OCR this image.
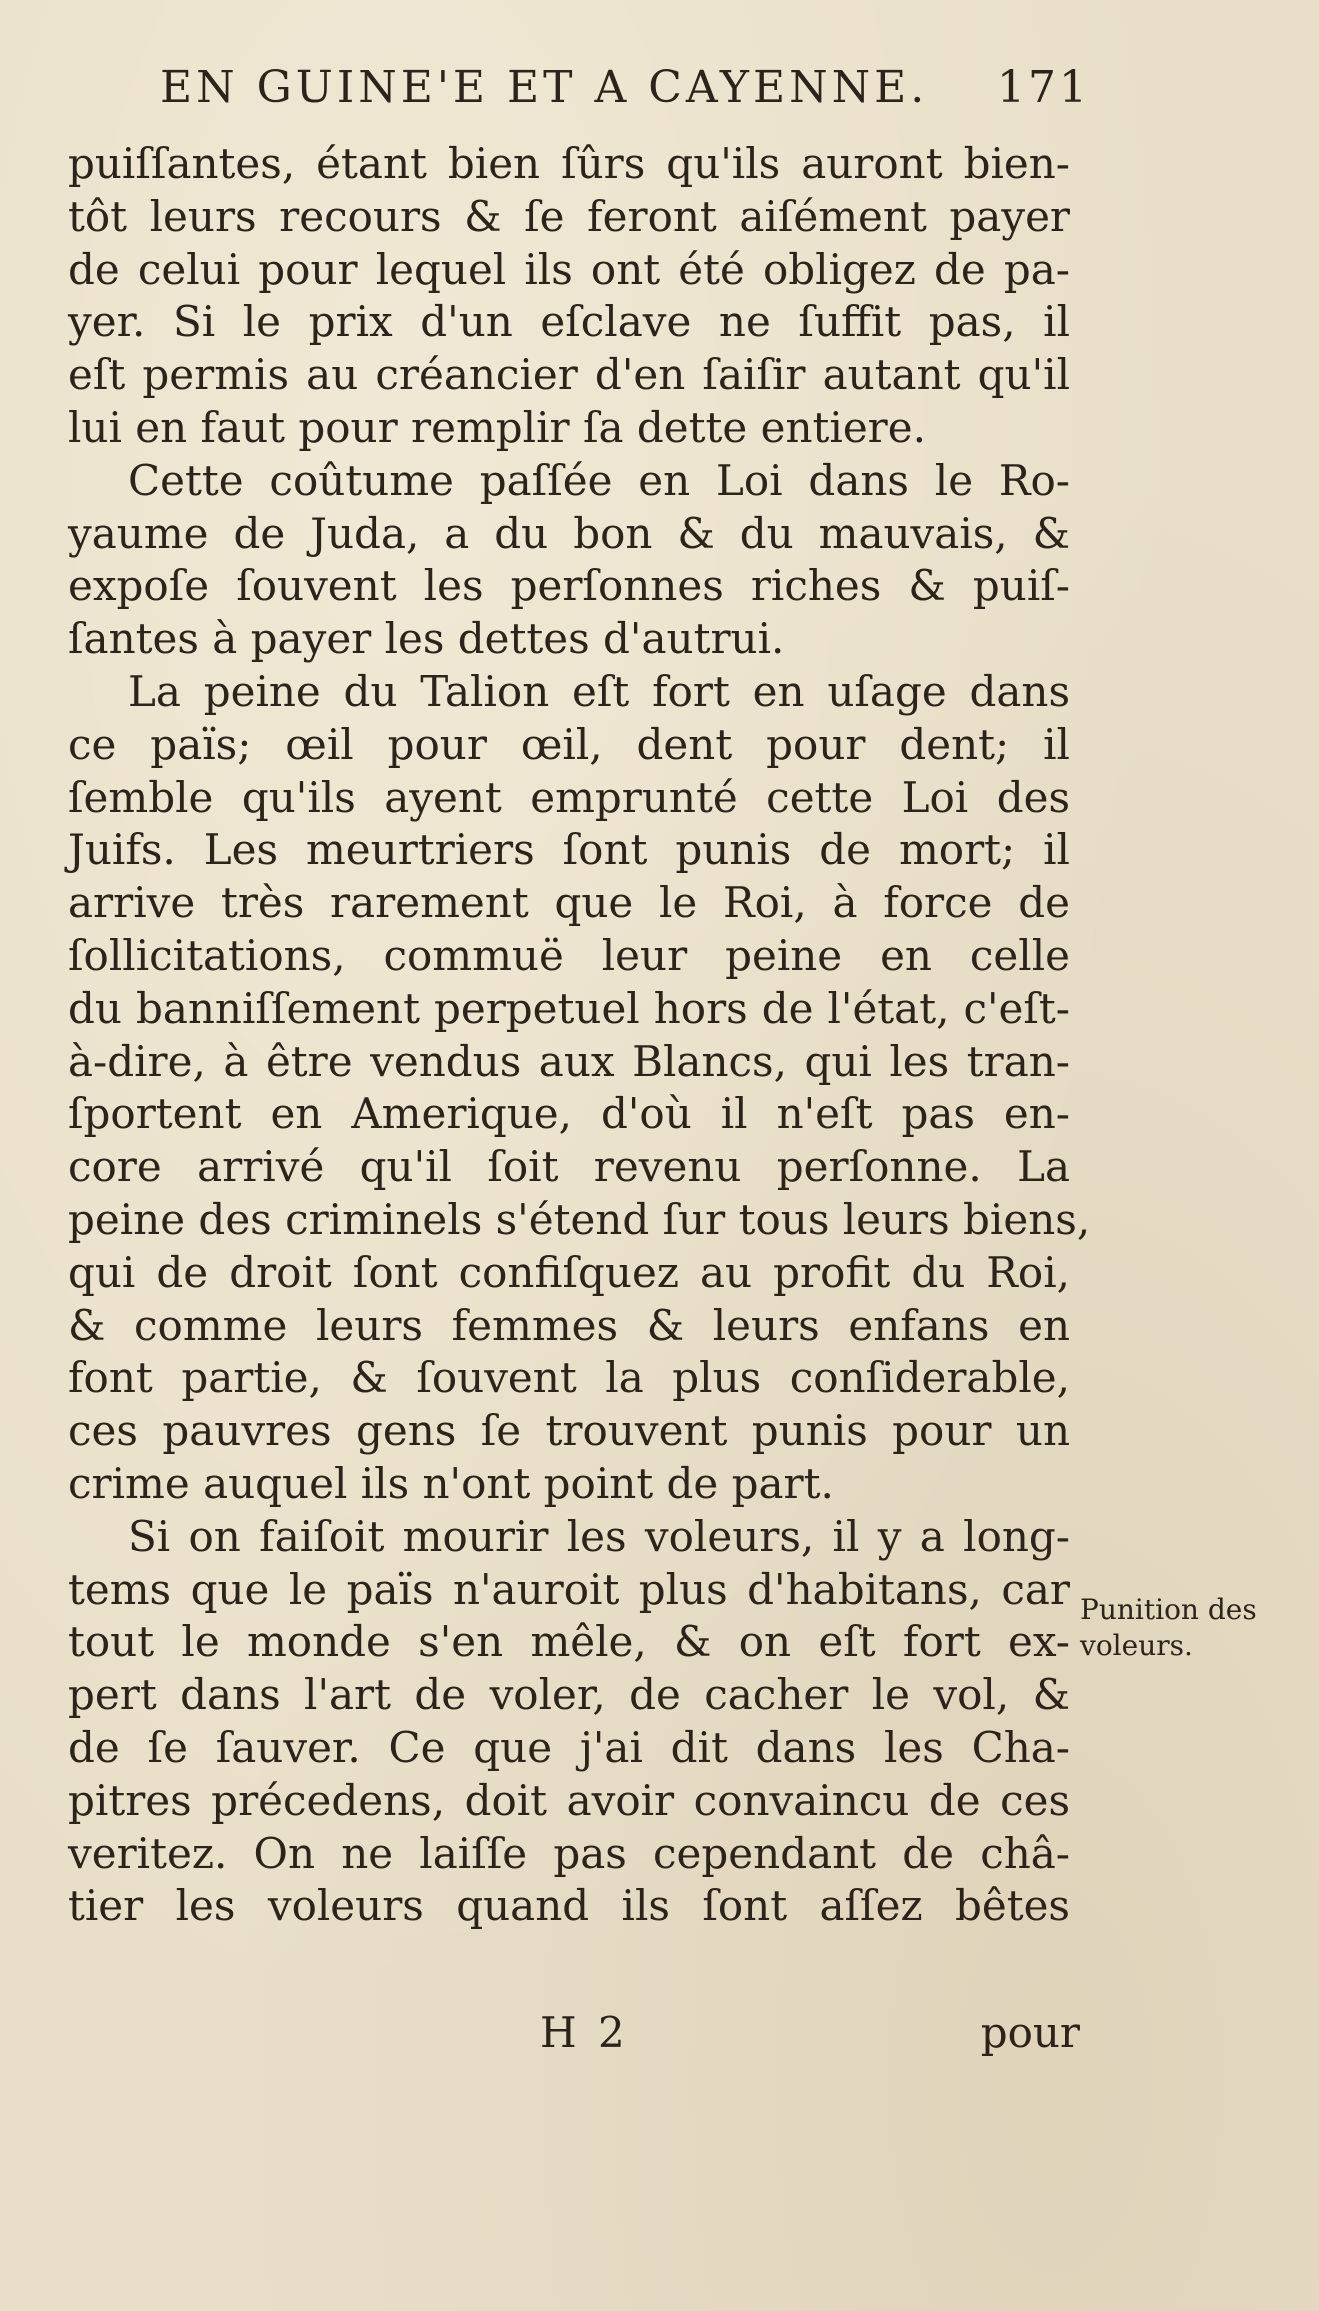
EN GUINE'E ET A CAYENNE. 171
puiſſantes, étant bien ſûrs qu'ils auront bien-
tôt leurs recours & ſe feront aiſément payer
de celui pour lequel ils ont été obligez de pa-
yer. Si le prix d'un eſclave ne ſuffit pas, il
eſt permis au créancier d'en ſaiſir autant qu'il
lui en faut pour remplir ſa dette entiere.
Cette coûtume paſſée en Loi dans le Ro-
yaume de Juda, a du bon & du mauvais, &
expoſe ſouvent les perſonnes riches & puiſ-
ſantes à payer les dettes d'autrui.
La peine du Talion eſt fort en uſage dans
ce païs; œil pour œil, dent pour dent; il
ſemble qu'ils ayent emprunté cette Loi des
Juifs. Les meurtriers ſont punis de mort; il
arrive très rarement que le Roi, à force de
ſollicitations, commuë leur peine en celle
du banniſſement perpetuel hors de l'état, c'eſt-
à-dire, à être vendus aux Blancs, qui les tran-
ſportent en Amerique, d'où il n'eſt pas en-
core arrivé qu'il ſoit revenu perſonne. La
peine des criminels s'étend ſur tous leurs biens,
qui de droit ſont confiſquez au profit du Roi,
& comme leurs femmes & leurs enfans en
font partie, & ſouvent la plus conſiderable,
ces pauvres gens ſe trouvent punis pour un
crime auquel ils n'ont point de part.
Si on faiſoit mourir les voleurs, il y a long-
tems que le païs n'auroit plus d'habitans, car
tout le monde s'en mêle, & on eſt fort ex-
pert dans l'art de voler, de cacher le vol, &
de ſe ſauver. Ce que j'ai dit dans les Cha-
pitres précedens, doit avoir convaincu de ces
veritez. On ne laiſſe pas cependant de châ-
tier les voleurs quand ils ſont aſſez bêtes
Punition des
voleurs.
H 2	pour
